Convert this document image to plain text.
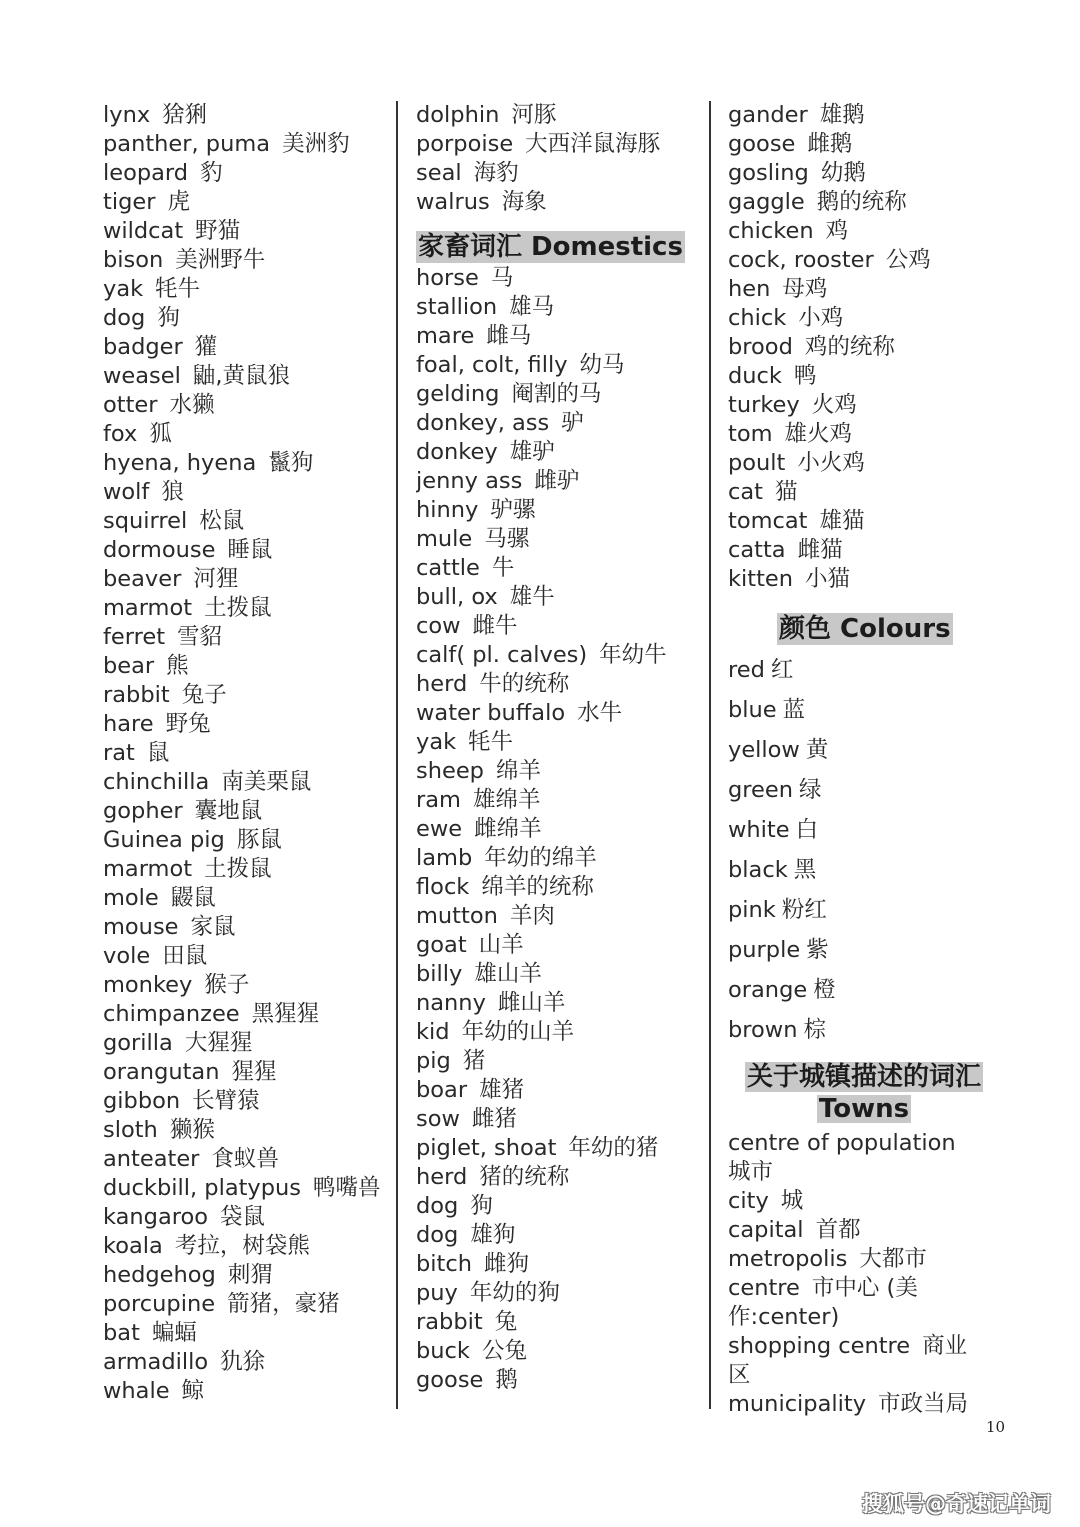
lynx 猞猁
panther, puma 美洲豹
leopard 豹
tiger 虎
wildcat 野猫
bison 美洲野牛
yak 牦牛
dog 狗
badger 獾
weasel 鼬,黄鼠狼
otter 水獭
fox 狐
hyena, hyena 鬣狗
wolf 狼
squirrel 松鼠
dormouse 睡鼠
beaver 河狸
marmot 土拨鼠
ferret 雪貂
bear 熊
rabbit 兔子
hare 野兔
rat 鼠
chinchilla 南美栗鼠
gopher 囊地鼠
Guinea pig 豚鼠
marmot 土拨鼠
mole 鼹鼠
mouse 家鼠
vole 田鼠
monkey 猴子
chimpanzee 黑猩猩
gorilla 大猩猩
orangutan 猩猩
gibbon 长臂猿
sloth 獭猴
anteater 食蚁兽
duckbill, platypus 鸭嘴兽
kangaroo 袋鼠
koala 考拉，树袋熊
hedgehog 刺猬
porcupine 箭猪，豪猪
bat 蝙蝠
armadillo 犰狳
whale 鲸
dolphin 河豚
porpoise 大西洋鼠海豚
seal 海豹
walrus 海象
家畜词汇 Domestics
horse 马
stallion 雄马
mare 雌马
foal, colt, filly 幼马
gelding 阉割的马
donkey, ass 驴
donkey 雄驴
jenny ass 雌驴
hinny 驴骡
mule 马骡
cattle 牛
bull, ox 雄牛
cow 雌牛
calf( pl. calves) 年幼牛
herd 牛的统称
water buffalo 水牛
yak 牦牛
sheep 绵羊
ram 雄绵羊
ewe 雌绵羊
lamb 年幼的绵羊
flock 绵羊的统称
mutton 羊肉
goat 山羊
billy 雄山羊
nanny 雌山羊
kid 年幼的山羊
pig 猪
boar 雄猪
sow 雌猪
piglet, shoat 年幼的猪
herd 猪的统称
dog 狗
dog 雄狗
bitch 雌狗
puy 年幼的狗
rabbit 兔
buck 公兔
goose 鹅
gander 雄鹅
goose 雌鹅
gosling 幼鹅
gaggle 鹅的统称
chicken 鸡
cock, rooster 公鸡
hen 母鸡
chick 小鸡
brood 鸡的统称
duck 鸭
turkey 火鸡
tom 雄火鸡
poult 小火鸡
cat 猫
tomcat 雄猫
catta 雌猫
kitten 小猫
颜色 Colours
red 红
blue 蓝
yellow 黄
green 绿
white 白
black 黑
pink 粉红
purple 紫
orange 橙
brown 棕
关于城镇描述的词汇
Towns
centre of population城市
city 城
capital 首都
metropolis 大都市
centre 市中心 (美作:center)
shopping centre 商业区
municipality 市政当局
10
搜狐号@奇速记单词
